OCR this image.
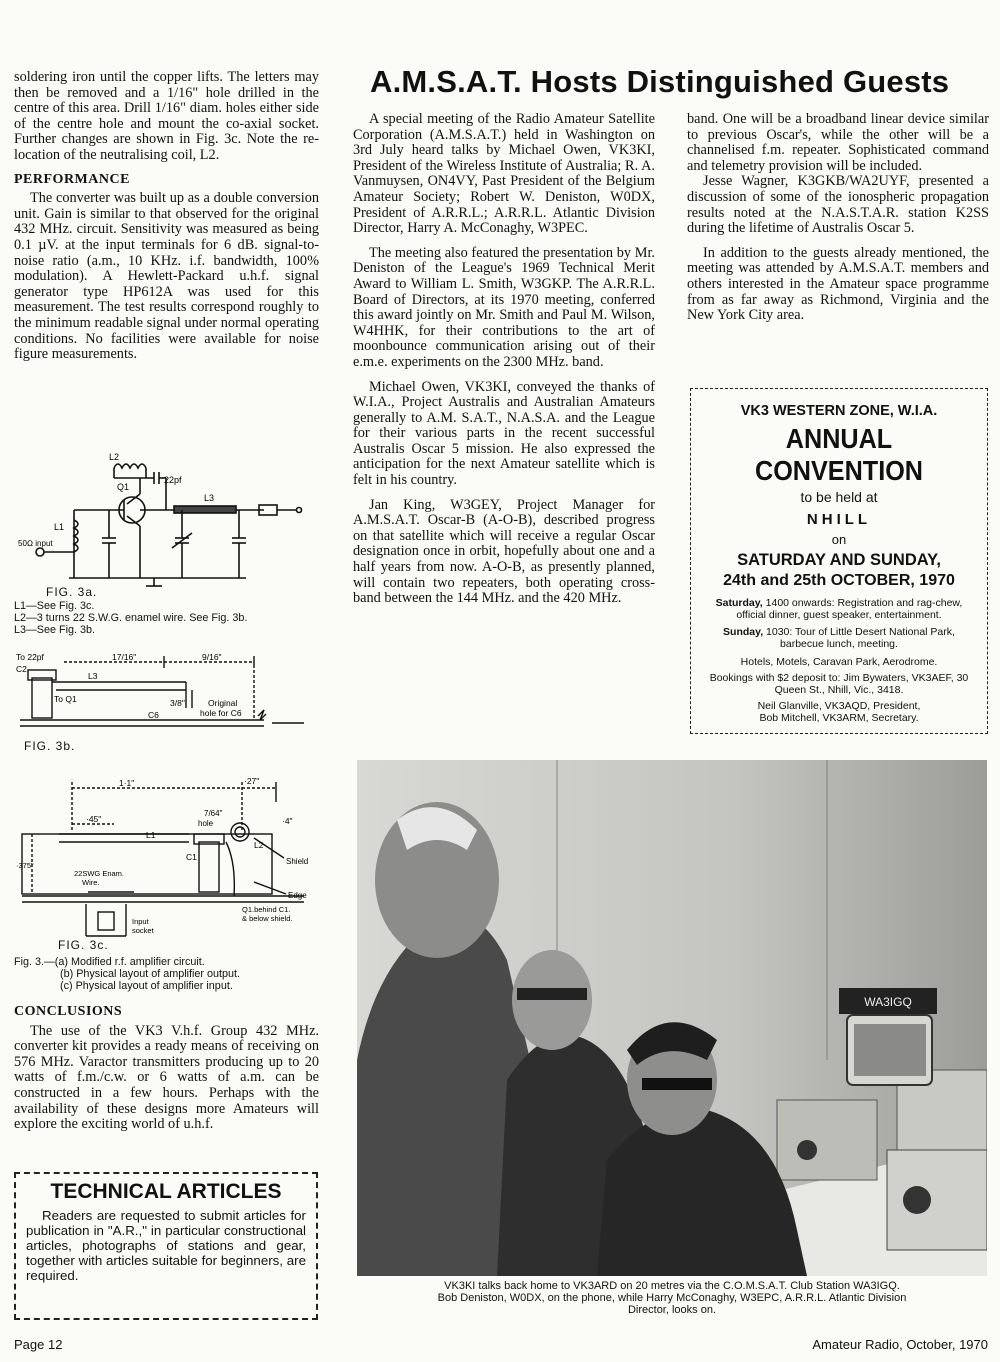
soldering iron until the copper lifts. The letters may then be removed and a 1/16" hole drilled in the centre of this area. Drill 1/16" diam. holes either side of the centre hole and mount the co-axial socket. Further changes are shown in Fig. 3c. Note the re-location of the neutralising coil, L2.

PERFORMANCE

The converter was built up as a double conversion unit. Gain is similar to that observed for the original 432 MHz. circuit. Sensitivity was measured as being 0.1 µV. at the input terminals for 6 dB. signal-to-noise ratio (a.m., 10 KHz. i.f. bandwidth, 100% modulation). A Hewlett-Packard u.h.f. signal generator type HP612A was used for this measurement. The test results correspond roughly to the minimum readable signal under normal operating conditions. No facilities were available for noise figure measurements.

L2
Q1
22pf
L3
L1
50Ω input
FIG. 3a.
L1—See Fig. 3c.
L2—3 turns 22 S.W.G. enamel wire. See Fig. 3b.
L3—See Fig. 3b.
To 22pf
C2
To Q1
L3
17/16"	9/16"
3/8"
C6
Original
hole for C6
FIG. 3b.
1·1"	·27"
·45"	·4"
·375"
7/64"
hole
L1
L2
C1	Shield
Edge
22SWG Enam.
Wire.
Q1.behind C1.
& below shield.
Input
socket
FIG. 3c.
Fig. 3.—(a) Modified r.f. amplifier circuit.
(b) Physical layout of amplifier output.
(c) Physical layout of amplifier input.
CONCLUSIONS

The use of the VK3 V.h.f. Group 432 MHz. converter kit provides a ready means of receiving on 576 MHz. Varactor transmitters producing up to 20 watts of f.m./c.w. or 6 watts of a.m. can be constructed in a few hours. Perhaps with the availability of these designs more Amateurs will explore the exciting world of u.h.f.

TECHNICAL ARTICLES
Readers are requested to submit articles for publication in "A.R.," in particular constructional articles, photographs of stations and gear, together with articles suitable for beginners, are required.
A.M.S.A.T. Hosts Distinguished Guests

A special meeting of the Radio Amateur Satellite Corporation (A.M.S.A.T.) held in Washington on 3rd July heard talks by Michael Owen, VK3KI, President of the Wireless Institute of Australia; R. A. Vanmuysen, ON4VY, Past President of the Belgium Amateur Society; Robert W. Deniston, W0DX, President of A.R.R.L.; A.R.R.L. Atlantic Division Director, Harry A. McConaghy, W3PEC.

The meeting also featured the presentation by Mr. Deniston of the League's 1969 Technical Merit Award to William L. Smith, W3GKP. The A.R.R.L. Board of Directors, at its 1970 meeting, conferred this award jointly on Mr. Smith and Paul M. Wilson, W4HHK, for their contributions to the art of moonbounce communication arising out of their e.m.e. experiments on the 2300 MHz. band.

Michael Owen, VK3KI, conveyed the thanks of W.I.A., Project Australis and Australian Amateurs generally to A.M. S.A.T., N.A.S.A. and the League for their various parts in the recent successful Australis Oscar 5 mission. He also expressed the anticipation for the next Amateur satellite which is felt in his country.

Jan King, W3GEY, Project Manager for A.M.S.A.T. Oscar-B (A-O-B), described progress on that satellite which will receive a regular Oscar designation once in orbit, hopefully about one and a half years from now. A-O-B, as presently planned, will contain two repeaters, both operating cross-band between the 144 MHz. and the 420 MHz.

band. One will be a broadband linear device similar to previous Oscar's, while the other will be a channelised f.m. repeater. Sophisticated command and telemetry provision will be included.

Jesse Wagner, K3GKB/WA2UYF, presented a discussion of some of the ionospheric propagation results noted at the N.A.S.T.A.R. station K2SS during the lifetime of Australis Oscar 5.

In addition to the guests already mentioned, the meeting was attended by A.M.S.A.T. members and others interested in the Amateur space programme from as far away as Richmond, Virginia and the New York City area.

VK3 WESTERN ZONE, W.I.A.
ANNUAL CONVENTION
to be held at
NHILL
on
SATURDAY AND SUNDAY,
24th and 25th OCTOBER, 1970
Saturday, 1400 onwards: Registration and rag-chew, official dinner, guest speaker, entertainment.
Sunday, 1030: Tour of Little Desert National Park, barbecue lunch, meeting.
Hotels, Motels, Caravan Park, Aerodrome.
Bookings with $2 deposit to: Jim Bywaters, VK3AEF, 30 Queen St., Nhill, Vic., 3418.
Neil Glanville, VK3AQD, President,
Bob Mitchell, VK3ARM, Secretary.
WA3IGQ
VK3KI talks back home to VK3ARD on 20 metres via the C.O.M.S.A.T. Club Station WA3IGQ.
Bob Deniston, W0DX, on the phone, while Harry McConaghy, W3EPC, A.R.R.L. Atlantic Division
Director, looks on.
Page 12	Amateur Radio, October, 1970
